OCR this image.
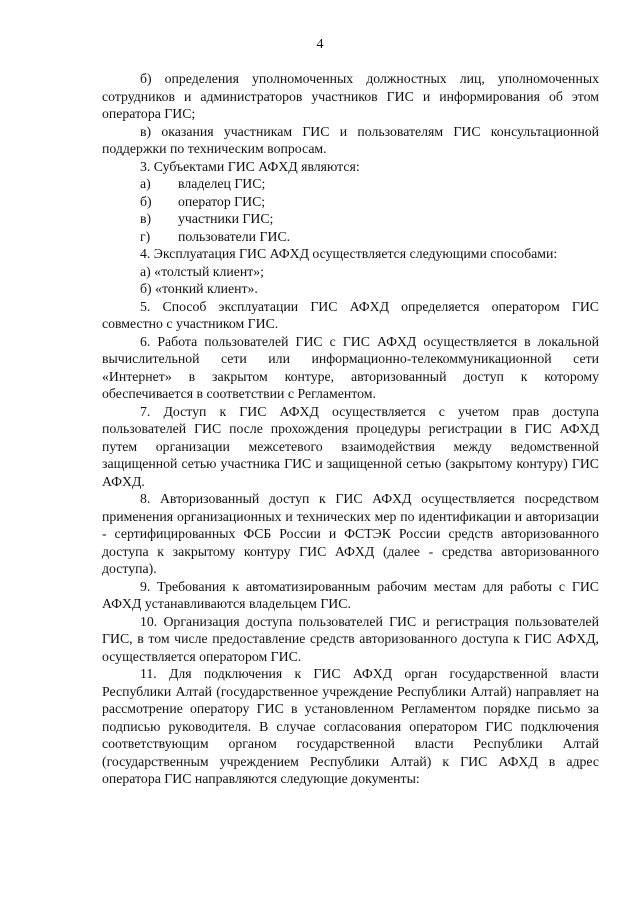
4

б) определения уполномоченных должностных лиц, уполномоченных сотрудников и администраторов участников ГИС и информирования об этом оператора ГИС;

в) оказания участникам ГИС и пользователям ГИС консультационной поддержки по техническим вопросам.

3. Субъектами ГИС АФХД являются:

а)	владелец ГИС;
б)	оператор ГИС;
в)	участники ГИС;
г)	пользователи ГИС.

4. Эксплуатация ГИС АФХД осуществляется следующими способами:

а) «толстый клиент»;

б) «тонкий клиент».

5. Способ эксплуатации ГИС АФХД определяется оператором ГИС совместно с участником ГИС.

6. Работа пользователей ГИС с ГИС АФХД осуществляется в локальной вычислительной сети или информационно-телекоммуникационной сети «Интернет» в закрытом контуре, авторизованный доступ к которому обеспечивается в соответствии с Регламентом.

7. Доступ к ГИС АФХД осуществляется с учетом прав доступа пользователей ГИС после прохождения процедуры регистрации в ГИС АФХД путем организации межсетевого взаимодействия между ведомственной защищенной сетью участника ГИС и защищенной сетью (закрытому контуру) ГИС АФХД.

8. Авторизованный доступ к ГИС АФХД осуществляется посредством применения организационных и технических мер по идентификации и авторизации - сертифицированных ФСБ России и ФСТЭК России средств авторизованного доступа к закрытому контуру ГИС АФХД (далее - средства авторизованного доступа).

9. Требования к автоматизированным рабочим местам для работы с ГИС АФХД устанавливаются владельцем ГИС.

10. Организация доступа пользователей ГИС и регистрация пользователей ГИС, в том числе предоставление средств авторизованного доступа к ГИС АФХД, осуществляется оператором ГИС.

11. Для подключения к ГИС АФХД орган государственной власти Республики Алтай (государственное учреждение Республики Алтай) направляет на рассмотрение оператору ГИС в установленном Регламентом порядке письмо за подписью руководителя. В случае согласования оператором ГИС подключения соответствующим органом государственной власти Республики Алтай (государственным учреждением Республики Алтай) к ГИС АФХД в адрес оператора ГИС направляются следующие документы:
